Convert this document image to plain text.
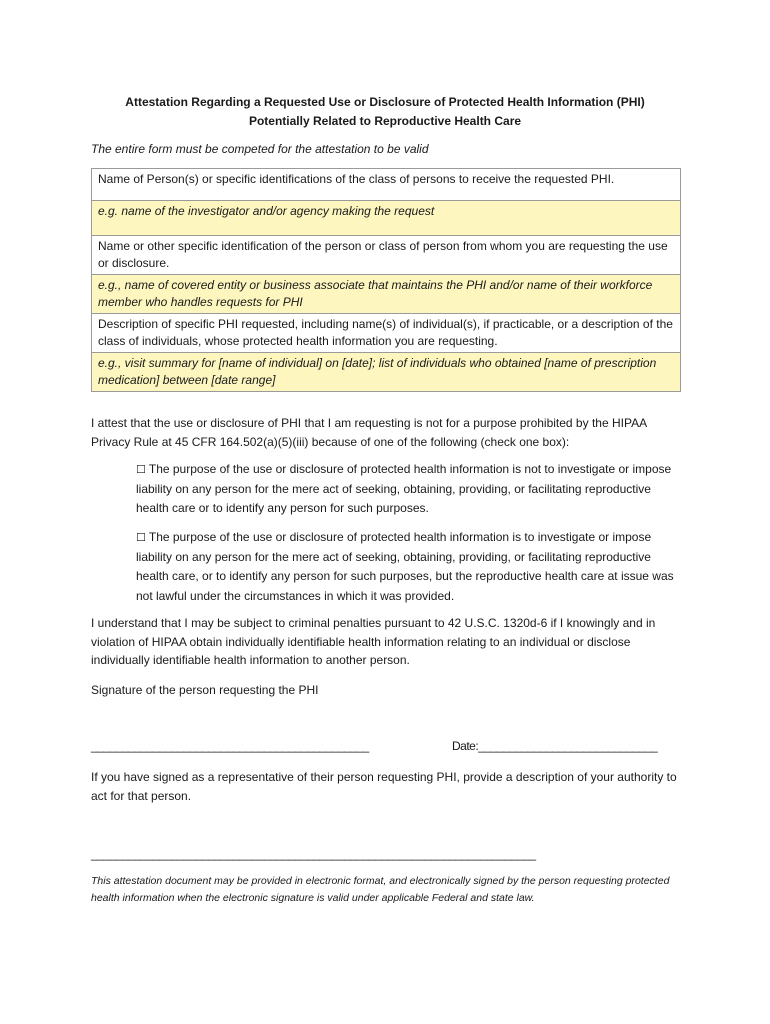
Attestation Regarding a Requested Use or Disclosure of Protected Health Information (PHI)
Potentially Related to Reproductive Health Care
The entire form must be competed for the attestation to be valid
Name of Person(s) or specific identifications of the class of persons to receive the requested PHI.
e.g. name of the investigator and/or agency making the request
Name or other specific identification of the person or class of person from whom you are requesting the use or disclosure.
e.g., name of covered entity or business associate that maintains the PHI and/or name of their workforce member who handles requests for PHI
Description of specific PHI requested, including name(s) of individual(s), if practicable, or a description of the class of individuals, whose protected health information you are requesting.
e.g., visit summary for [name of individual] on [date]; list of individuals who obtained [name of prescription medication] between [date range]
I attest that the use or disclosure of PHI that I am requesting is not for a purpose prohibited by the HIPAA Privacy Rule at 45 CFR 164.502(a)(5)(iii) because of one of the following (check one box):
☐ The purpose of the use or disclosure of protected health information is not to investigate or impose liability on any person for the mere act of seeking, obtaining, providing, or facilitating reproductive health care or to identify any person for such purposes.
☐ The purpose of the use or disclosure of protected health information is to investigate or impose liability on any person for the mere act of seeking, obtaining, providing, or facilitating reproductive health care, or to identify any person for such purposes, but the reproductive health care at issue was not lawful under the circumstances in which it was provided.
I understand that I may be subject to criminal penalties pursuant to 42 U.S.C. 1320d-6 if I knowingly and in violation of HIPAA obtain individually identifiable health information relating to an individual or disclose individually identifiable health information to another person.
Signature of the person requesting the PHI
_____________________________________________	Date:_____________________________
If you have signed as a representative of their person requesting PHI, provide a description of your authority to act for that person.
________________________________________________________________________
This attestation document may be provided in electronic format, and electronically signed by the person requesting protected health information when the electronic signature is valid under applicable Federal and state law.
